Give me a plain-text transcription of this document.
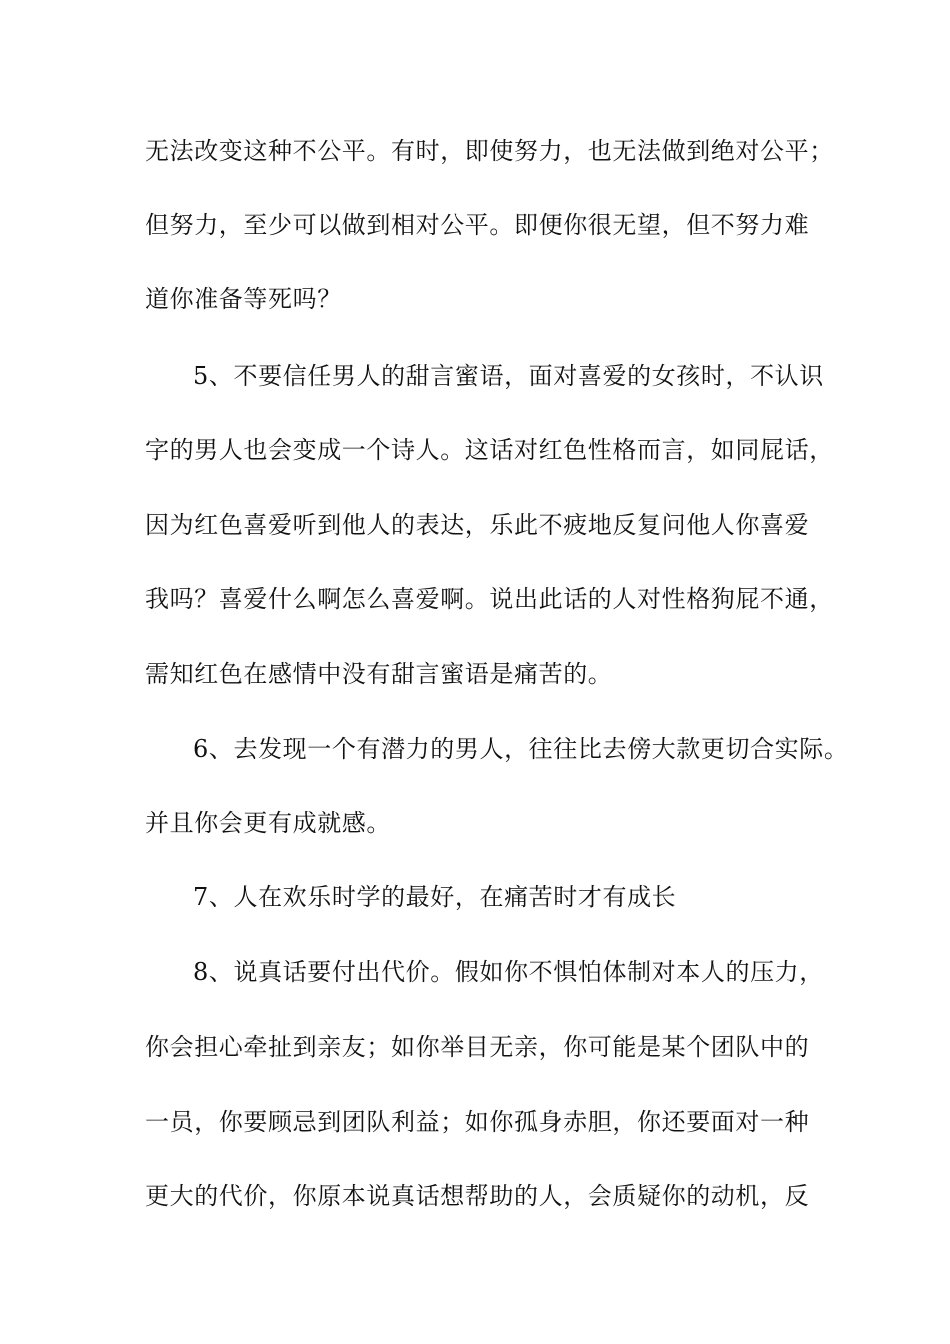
无法改变这种不公平。有时，即使努力，也无法做到绝对公平；
但努力，至少可以做到相对公平。即便你很无望，但不努力难
道你准备等死吗？
5、不要信任男人的甜言蜜语，面对喜爱的女孩时，不认识
字的男人也会变成一个诗人。这话对红色性格而言，如同屁话，
因为红色喜爱听到他人的表达，乐此不疲地反复问他人你喜爱
我吗？喜爱什么啊怎么喜爱啊。说出此话的人对性格狗屁不通，
需知红色在感情中没有甜言蜜语是痛苦的。
6、去发现一个有潜力的男人，往往比去傍大款更切合实际。
并且你会更有成就感。
7、人在欢乐时学的最好，在痛苦时才有成长
8、说真话要付出代价。假如你不惧怕体制对本人的压力，
你会担心牵扯到亲友；如你举目无亲，你可能是某个团队中的
一员，你要顾忌到团队利益；如你孤身赤胆，你还要面对一种
更大的代价，你原本说真话想帮助的人，会质疑你的动机，反
